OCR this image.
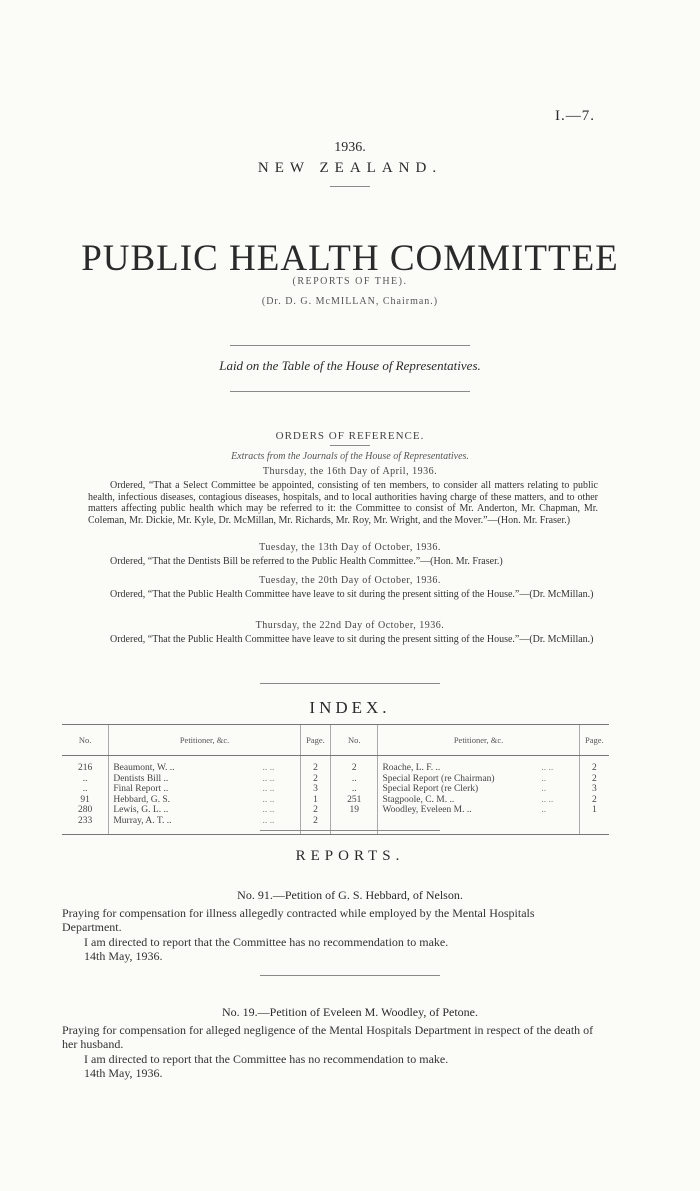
I.—7.
1936.
NEW ZEALAND.
PUBLIC HEALTH COMMITTEE
(REPORTS OF THE).
(Dr. D. G. McMILLAN, Chairman.)
Laid on the Table of the House of Representatives.
ORDERS OF REFERENCE.
Extracts from the Journals of the House of Representatives.
Thursday, the 16th Day of April, 1936.
Ordered, “That a Select Committee be appointed, consisting of ten members, to consider all matters relating to public health, infectious diseases, contagious diseases, hospitals, and to local authorities having charge of these matters, and to other matters affecting public health which may be referred to it: the Committee to consist of Mr. Anderton, Mr. Chapman, Mr. Coleman, Mr. Dickie, Mr. Kyle, Dr. McMillan, Mr. Richards, Mr. Roy, Mr. Wright, and the Mover.”—(Hon. Mr. Fraser.)
Tuesday, the 13th Day of October, 1936.
Ordered, “That the Dentists Bill be referred to the Public Health Committee.”—(Hon. Mr. Fraser.)
Tuesday, the 20th Day of October, 1936.
Ordered, “That the Public Health Committee have leave to sit during the present sitting of the House.”—(Dr. McMillan.)
Thursday, the 22nd Day of October, 1936.
Ordered, “That the Public Health Committee have leave to sit during the present sitting of the House.”—(Dr. McMillan.)
INDEX.
No.	Petitioner, &c.		Page.	No.	Petitioner, &c.		Page.
216	Beaumont, W. ..	.. ..	2	2	Roache, L. F. ..	.. ..	2
..	Dentists Bill ..	.. ..	2	..	Special Report (re Chairman)	..	2
..	Final Report ..	.. ..	3	..	Special Report (re Clerk)	..	3
91	Hebbard, G. S.	.. ..	1	251	Stagpoole, C. M. ..	.. ..	2
280	Lewis, G. L. ..	.. ..	2	19	Woodley, Eveleen M. ..	..	1
233	Murray, A. T. ..	.. ..	2				
REPORTS.
No. 91.—Petition of G. S. Hebbard, of Nelson.
Praying for compensation for illness allegedly contracted while employed by the Mental Hospitals Department.
I am directed to report that the Committee has no recommendation to make.
14th May, 1936.
No. 19.—Petition of Eveleen M. Woodley, of Petone.
Praying for compensation for alleged negligence of the Mental Hospitals Department in respect of the death of her husband.
I am directed to report that the Committee has no recommendation to make.
14th May, 1936.
